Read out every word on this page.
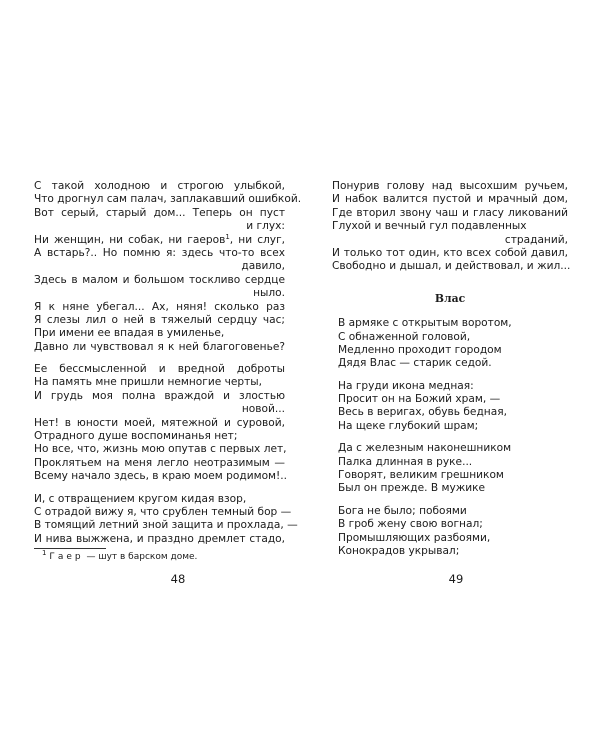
С такой холодною и строгою улыбкой,
Что дрогнул сам палач, заплакавший ошибкой.
Вот серый, старый дом... Теперь он пуст
и глух:
Ни женщин, ни собак, ни гаеров$^1$, ни слуг,
А встарь?.. Но помню я: здесь что-то всех
давило,
Здесь в малом и большом тоскливо сердце
ныло.
Я к няне убегал... Ах, няня! сколько раз
Я слезы лил о ней в тяжелый сердцу час;
При имени ее впадая в умиленье,
Давно ли чувствовал я к ней благоговенье?
Ее бессмысленной и вредной доброты
На память мне пришли немногие черты,
И грудь моя полна враждой и злостью
новой...
Нет! в юности моей, мятежной и суровой,
Отрадного душе воспоминанья нет;
Но все, что, жизнь мою опутав с первых лет,
Проклятьем на меня легло неотразимым —
Всему начало здесь, в краю моем родимом!..
И, с отвращением кругом кидая взор,
С отрадой вижу я, что срублен темный бор —
В томящий летний зной защита и прохлада, —
И нива выжжена, и праздно дремлет стадо,
$^1$ Гаер — шут в барском доме.
48
Понурив голову над высохшим ручьем,
И набок валится пустой и мрачный дом,
Где вторил звону чаш и гласу ликований
Глухой и вечный гул подавленных
страданий,
И только тот один, кто всех собой давил,
Свободно и дышал, и действовал, и жил...
Влас
В армяке с открытым воротом,
С обнаженной головой,
Медленно проходит городом
Дядя Влас — старик седой.
На груди икона медная:
Просит он на Божий храм, —
Весь в веригах, обувь бедная,
На щеке глубокий шрам;
Да с железным наконешником
Палка длинная в руке...
Говорят, великим грешником
Был он прежде. В мужике
Бога не было; побоями
В гроб жену свою вогнал;
Промышляющих разбоями,
Конокрадов укрывал;
49
